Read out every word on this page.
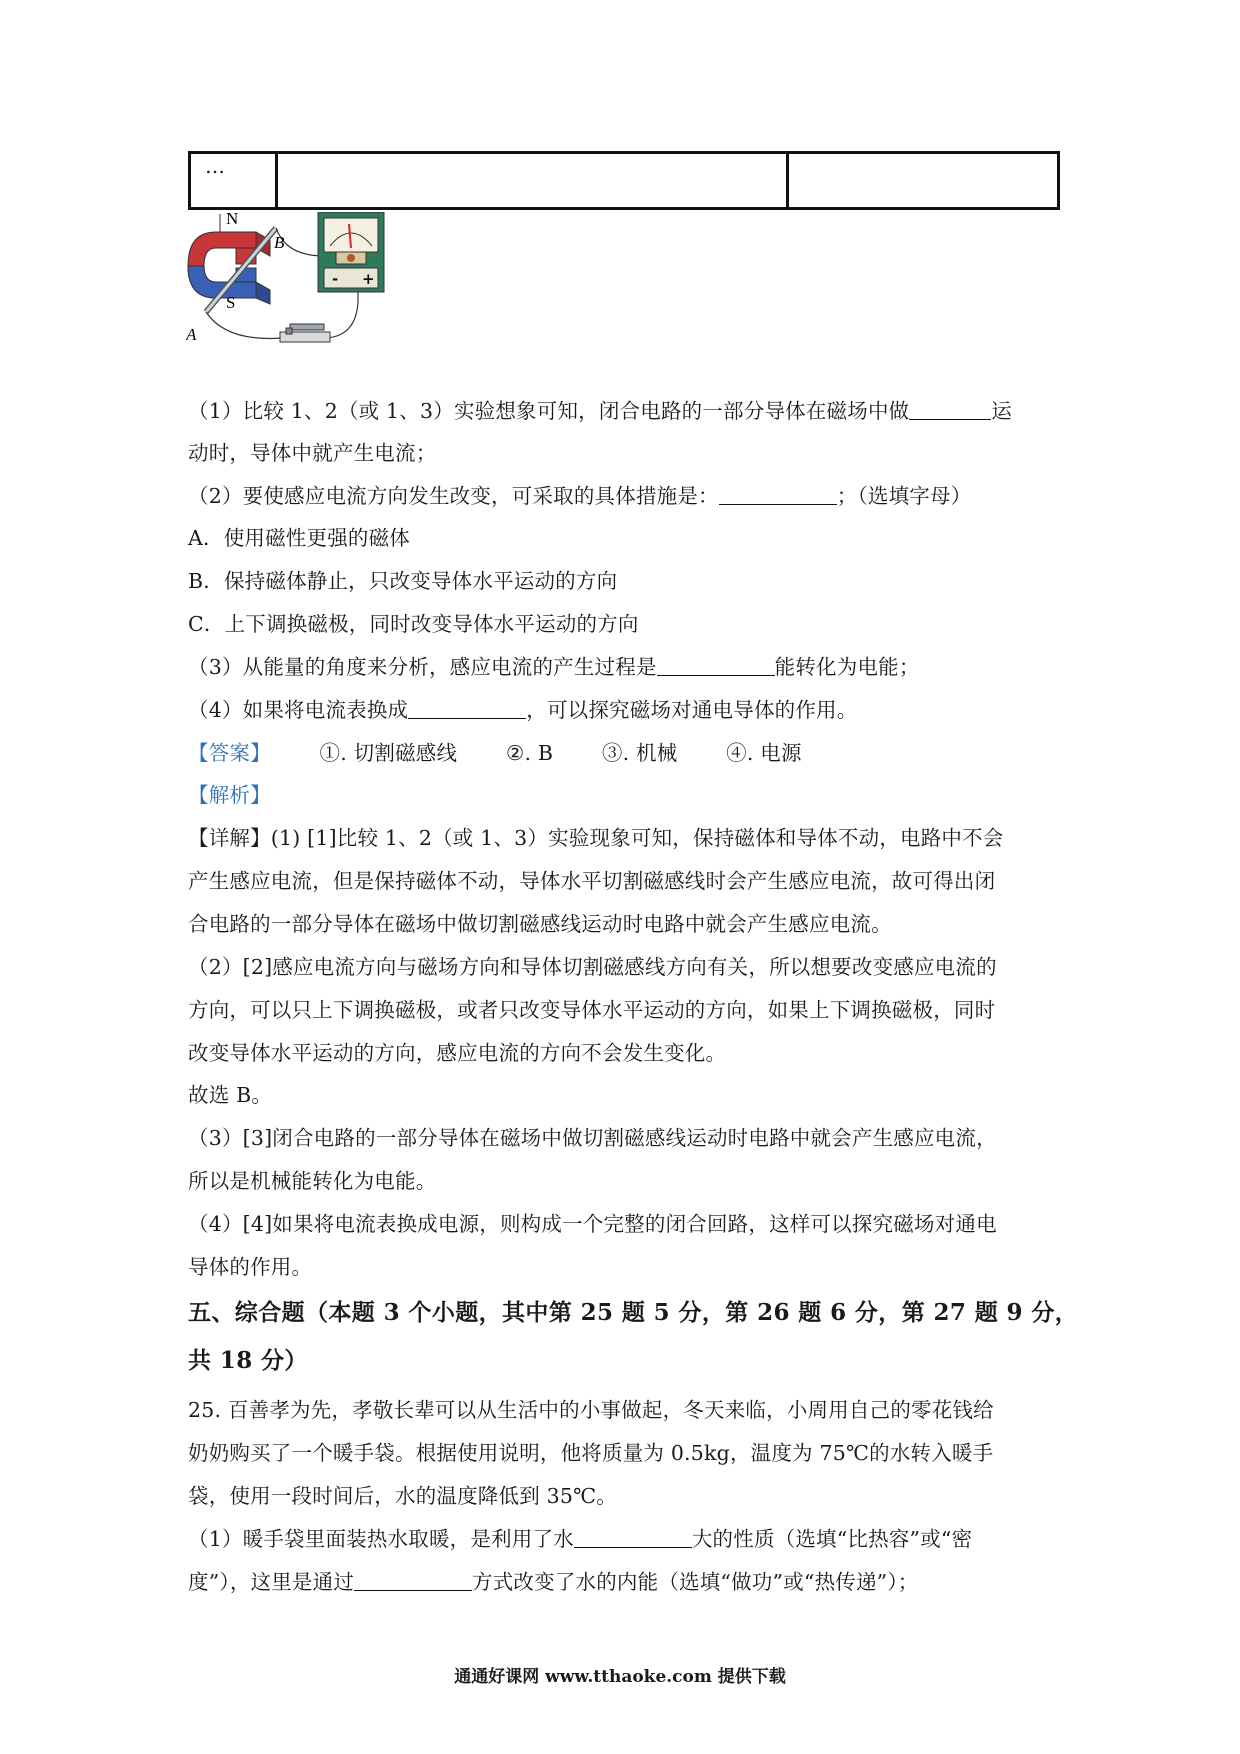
…		
N
S
A
B
- +
（1）比较 1、2（或 1、3）实验想象可知，闭合电路的一部分导体在磁场中做	运
动时，导体中就产生电流；
（2）要使感应电流方向发生改变，可采取的具体措施是：	；（选填字母）
A．使用磁性更强的磁体
B．保持磁体静止，只改变导体水平运动的方向
C．上下调换磁极，同时改变导体水平运动的方向
（3）从能量的角度来分析，感应电流的产生过程是	能转化为电能；
（4）如果将电流表换成	，可以探究磁场对通电导体的作用。
【答案】 ①. 切割磁感线 ②. B ③. 机械 ④. 电源
【解析】
【详解】(1) [1]比较 1、2（或 1、3）实验现象可知，保持磁体和导体不动，电路中不会
产生感应电流，但是保持磁体不动，导体水平切割磁感线时会产生感应电流，故可得出闭
合电路的一部分导体在磁场中做切割磁感线运动时电路中就会产生感应电流。
（2）[2]感应电流方向与磁场方向和导体切割磁感线方向有关，所以想要改变感应电流的
方向，可以只上下调换磁极，或者只改变导体水平运动的方向，如果上下调换磁极，同时
改变导体水平运动的方向，感应电流的方向不会发生变化。
故选 B。
（3）[3]闭合电路的一部分导体在磁场中做切割磁感线运动时电路中就会产生感应电流，
所以是机械能转化为电能。
（4）[4]如果将电流表换成电源，则构成一个完整的闭合回路，这样可以探究磁场对通电
导体的作用。
五、综合题（本题 3 个小题，其中第 25 题 5 分，第 26 题 6 分，第 27 题 9 分，
共 18 分）
25. 百善孝为先，孝敬长辈可以从生活中的小事做起，冬天来临，小周用自己的零花钱给
奶奶购买了一个暖手袋。根据使用说明，他将质量为 0.5kg，温度为 75℃的水转入暖手
袋，使用一段时间后，水的温度降低到 35℃。
（1）暖手袋里面装热水取暖，是利用了水	大的性质（选填“比热容”或“密
度”），这里是通过	方式改变了水的内能（选填“做功”或“热传递”）；
通通好课网 www.tthaoke.com 提供下载
